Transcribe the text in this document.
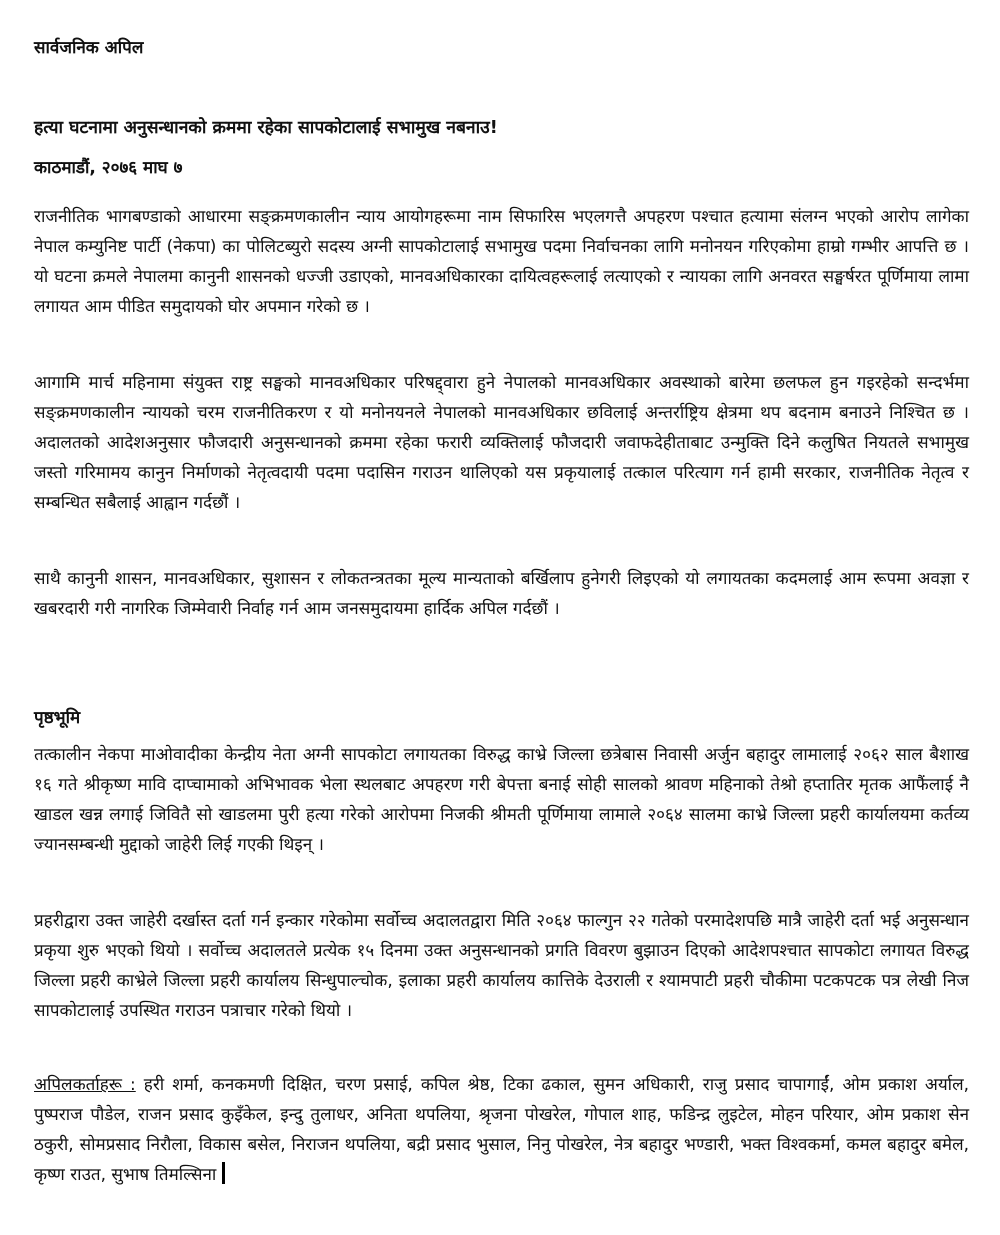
सार्वजनिक अपिल

हत्या घटनामा अनुसन्धानको क्रममा रहेका सापकोटालाई सभामुख नबनाउ!

काठमाडौं, २०७६ माघ ७

राजनीतिक भागबण्डाको आधारमा सङ्क्रमणकालीन न्याय आयोगहरूमा नाम सिफारिस भएलगत्तै अपहरण पश्चात हत्यामा संलग्न भएको आरोप लागेका नेपाल कम्युनिष्ट पार्टी (नेकपा) का पोलिटब्युरो सदस्य अग्नी सापकोटालाई सभामुख पदमा निर्वाचनका लागि मनोनयन गरिएकोमा हाम्रो गम्भीर आपत्ति छ । यो घटना क्रमले नेपालमा कानुनी शासनको धज्जी उडाएको, मानवअधिकारका दायित्वहरूलाई लत्याएको र न्यायका लागि अनवरत सङ्घर्षरत पूर्णिमाया लामा लगायत आम पीडित समुदायको घोर अपमान गरेको छ ।

आगामि मार्च महिनामा संयुक्त राष्ट्र सङ्घको मानवअधिकार परिषद्द्वारा हुने नेपालको मानवअधिकार अवस्थाको बारेमा छलफल हुन गइरहेको सन्दर्भमा सङ्क्रमणकालीन न्यायको चरम राजनीतिकरण र यो मनोनयनले नेपालको मानवअधिकार छविलाई अन्तर्राष्ट्रिय क्षेत्रमा थप बदनाम बनाउने निश्चित छ । अदालतको आदेशअनुसार फौजदारी अनुसन्धानको क्रममा रहेका फरारी व्यक्तिलाई फौजदारी जवाफदेहीताबाट उन्मुक्ति दिने कलुषित नियतले सभामुख जस्तो गरिमामय कानुन निर्माणको नेतृत्वदायी पदमा पदासिन गराउन थालिएको यस प्रकृयालाई तत्काल परित्याग गर्न हामी सरकार, राजनीतिक नेतृत्व र सम्बन्धित सबैलाई आह्वान गर्दछौं ।

साथै कानुनी शासन, मानवअधिकार, सुशासन र लोकतन्त्रतका मूल्य मान्यताको बर्खिलाप हुनेगरी लिइएको यो लगायतका कदमलाई आम रूपमा अवज्ञा र खबरदारी गरी नागरिक जिम्मेवारी निर्वाह गर्न आम जनसमुदायमा हार्दिक अपिल गर्दछौं ।

पृष्ठभूमि

तत्कालीन नेकपा माओवादीका केन्द्रीय नेता अग्नी सापकोटा लगायतका विरुद्ध काभ्रे जिल्ला छत्रेबास निवासी अर्जुन बहादुर लामालाई २०६२ साल बैशाख १६ गते श्रीकृष्ण मावि दाप्चामाको अभिभावक भेला स्थलबाट अपहरण गरी बेपत्ता बनाई सोही सालको श्रावण महिनाको तेश्रो हप्तातिर मृतक आफैंलाई नै खाडल खन्न लगाई जिवितै सो खाडलमा पुरी हत्या गरेको आरोपमा निजकी श्रीमती पूर्णिमाया लामाले २०६४ सालमा काभ्रे जिल्ला प्रहरी कार्यालयमा कर्तव्य ज्यानसम्बन्धी मुद्दाको जाहेरी लिई गएकी थिइन् ।

प्रहरीद्वारा उक्त जाहेरी दर्खास्त दर्ता गर्न इन्कार गरेकोमा सर्वोच्च अदालतद्वारा मिति २०६४ फाल्गुन २२ गतेको परमादेशपछि मात्रै जाहेरी दर्ता भई अनुसन्धान प्रकृया शुरु भएको थियो । सर्वोच्च अदालतले प्रत्येक १५ दिनमा उक्त अनुसन्धानको प्रगति विवरण बुझाउन दिएको आदेशपश्चात सापकोटा लगायत विरुद्ध जिल्ला प्रहरी काभ्रेले जिल्ला प्रहरी कार्यालय सिन्धुपाल्चोक, इलाका प्रहरी कार्यालय कात्तिके देउराली र श्यामपाटी प्रहरी चौकीमा पटकपटक पत्र लेखी निज सापकोटालाई उपस्थित गराउन पत्राचार गरेको थियो ।

अपिलकर्ताहरू : हरी शर्मा, कनकमणी दिक्षित, चरण प्रसाई, कपिल श्रेष्ठ, टिका ढकाल, सुमन अधिकारी, राजु प्रसाद चापागाईं, ओम प्रकाश अर्याल, पुष्पराज पौडेल, राजन प्रसाद कुइँकेल, इन्दु तुलाधर, अनिता थपलिया, श्रृजना पोखरेल, गोपाल शाह, फडिन्द्र लुइटेल, मोहन परियार, ओम प्रकाश सेन ठकुरी, सोमप्रसाद निरौला, विकास बसेल, निराजन थपलिया, बद्री प्रसाद भुसाल, निनु पोखरेल, नेत्र बहादुर भण्डारी, भक्त विश्वकर्मा, कमल बहादुर बमेल, कृष्ण राउत, सुभाष तिमल्सिना
